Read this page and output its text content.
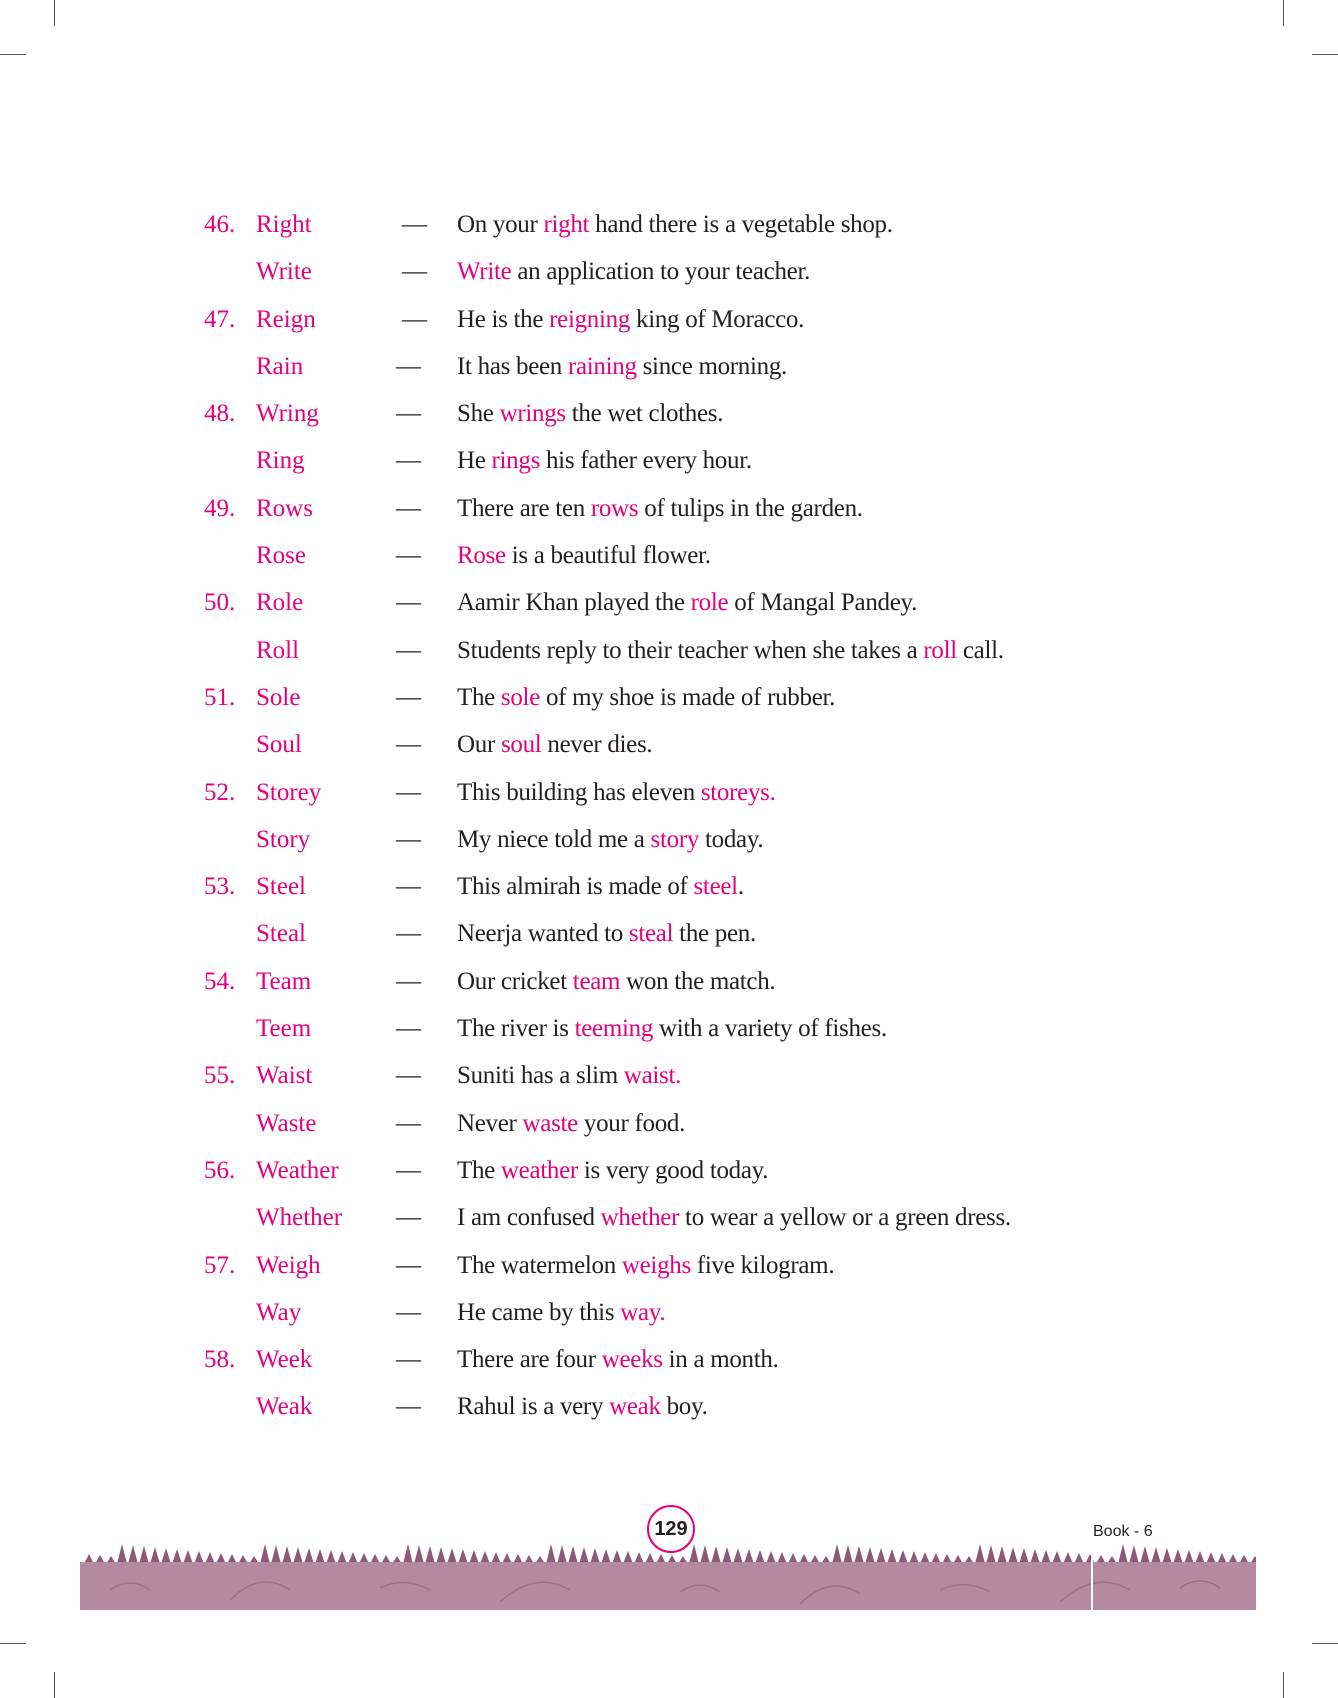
46. Right	— On your right hand there is a vegetable shop.
Write	— Write an application to your teacher.
47. Reign	— He is the reigning king of Moracco.
Rain	— It has been raining since morning.
48. Wring	— She wrings the wet clothes.
Ring	— He rings his father every hour.
49. Rows	— There are ten rows of tulips in the garden.
Rose	— Rose is a beautiful flower.
50. Role	— Aamir Khan played the role of Mangal Pandey.
Roll	— Students reply to their teacher when she takes a roll call.
51. Sole	— The sole of my shoe is made of rubber.
Soul	— Our soul never dies.
52. Storey	— This building has eleven storeys.
Story	— My niece told me a story today.
53. Steel	— This almirah is made of steel.
Steal	— Neerja wanted to steal the pen.
54. Team	— Our cricket team won the match.
Teem	— The river is teeming with a variety of fishes.
55. Waist	— Suniti has a slim waist.
Waste	— Never waste your food.
56. Weather — The weather is very good today.
Whether — I am confused whether to wear a yellow or a green dress.
57. Weigh	— The watermelon weighs five kilogram.
Way	— He came by this way.
58. Week	— There are four weeks in a month.
Weak	— Rahul is a very weak boy.
129	Book - 6
